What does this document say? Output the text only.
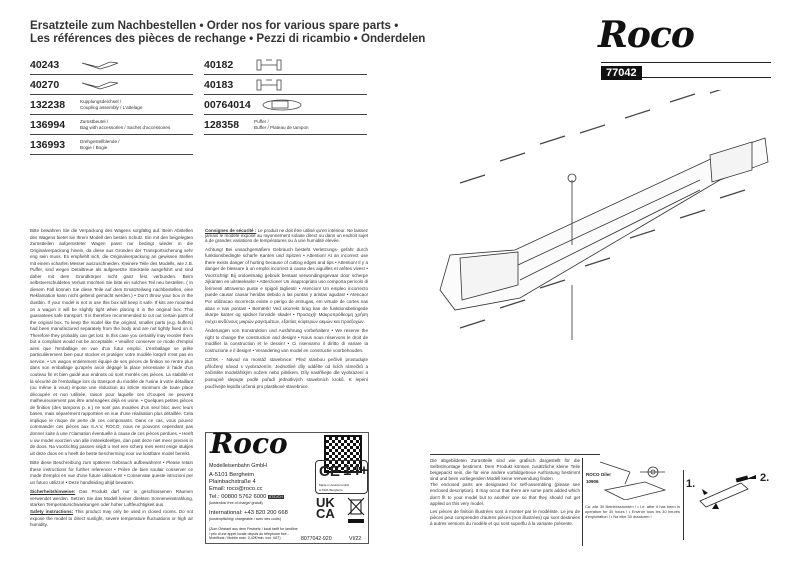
Ersatzteile zum Nachbestellen • Order nos for various spare parts •
Les références des pièces de rechange • Pezzi di ricambio • Onderdelen
40243

40270

132238	Kupplungsdeichsel /
Coupling assembly / L'attelage
136994	Zurüstbeutel /
Bag with accessories / Sachet d'accessoires
136993	Drehgestellblende /
Bogie / Bogie
40182

40183

00764014

128358	Puffer /
Buffer / Plateau de tampon
Roco
77042

Bitte bewahren Sie die Verpackung des Wagens sorgfältig auf. Beim Abstellen des Wagens bietet sie Ihrem Modell den besten Schutz. Ein mit den beigelegten Zurüstteilen aufgerüsteter Wagen passt nur bedingt wieder in die Originalverpackung hinein, da diese aus Gründen der Transportsicherung sehr eng sein muss. Es empfiehlt sich, die Originalverpackung an gewissen Stellen mit einem scharfen Messer auszuschneiden. Kleinere Teile des Modells, wie z.B. Puffer, sind wegen Detailtreue als aufgesetzte Steckteile ausgeführt und sind daher mit dem Grundkörper nicht ganz fest verbunden. Beim selbstverschuldeten Verlust möchten Sie bitte ein solches Teil neu bestellen. ( In diesem Fall können Sie diese Teile auf dem Ersatzteilweg nachbestellen, eine Reklamation kann nicht geltend gemacht werden.) • Don't throw your box in the dustbin. If your model is not in use this box will keep it safe. If kits are mounted on a wagon it will be slightly tight when placing it in the original box. This guarantees safe transport. It is therefore recommended to cut out certain parts of the original box. To keep the model like the original, smaller parts (e.g. buffers) had been manufactured separately from the body and are not tightly fixed on it. Therefore they probably can get lost. In this case you certainly may reorder them but a complaint would not be acceptable. • Veuillez conserver ce mode d'emploi ainsi que l'emballage en vue d'un futur emploi. L'emballage se prête particulièrement bien pour stocker et protéger votre modèle lorqu'il n'est pas en service. • Un wagon entièrement équipé de ses pièces de finition ne rentre plus dans son emballage qu'après avoir dégagé la place nécessaire à l'aide d'un couteau fin et bien guidé aux endroits où sont montés ces pièces. La stabilité et la sécurité de l'emballage lors du transport du modèle de l'usine à votre détaillant (ou même à vous) impose une réduction au stricte minimum de toute place découpée et non utilisée, raison pour laquelle ces d'coupes ne peuvent malheureusement pas être aménagées déjà en usine. • Quelques petites pièces de finition (des tampons p. e.) ne sont pas moulées d'un seul bloc avec leurs bases, mais séparément rapportées en vue d'une réalisation plus détaillée. Cela implique le risque de perte de ces composants. Dans ce cas, vous pouvez commander ces pièces aux S.A.V. ROCO; nous ne pouvons cependant pas donner suite à une r'clamation éventuelle à cause de ces pièces perdues. • Heeft u uw model voorzien van alle insteekdeeltjes, dan past deze niet meer precies in de doos. Na voorzichtig passen snijdt u met een scherp mes eerst enige stukjes uit deze doos en u heeft de beste bescherming voor uw kostbare model bereikt.

Bitte diese Beschreibung zum späteren Gebrauch aufbewahren! • Please retain these instructions for further reference! • Prière de bien soulair conserver ce mode d'emploi en vue d'une future utilisation! • Conservate queste istruzioni per un futuro utilizzo! • Deze handleiding altijd bewaren.

Sicherheitshinweise: Das Produkt darf nur in geschlossenen Räumen verwendet werden. Setzen Sie das Modell keiner direkten Sonneneinstrahlung, starken Temperaturschwankungen oder hoher Luftfeuchtigkeit aus.

Safety instructions: This product may only be used in closed rooms. Do not expose the model to direct sunlight, severe temperature fluctuations or high air humidity.

Consignes de sécurité : Le produit ne doit être utilisé qu'en intérieur. Ne laissez jamais le modèle exposé au rayonnement solaire direct ou dans un endroit sujet à de grandes variations de températures ou à une humidité élevée.

Achtung! Bei unsachgemäßem Gebrauch besteht Verletzungs- gefahr durch funktionsbedingte scharfe Kanten und Spitzen • Attention! At an incorrect use there exists danger of hurting because of cutting edges and tips • Attention! Il y a danger de blessure à un emploi incorrect à cause des aiguilles et arêtes vives! • Voorzichtig! Bij ondoelmatig gebruik bestaat verwondingsgevaar door scherpe zijkanten en uitsteeksels! • Attenzione! Un inappropriato uso comporta pericolo di ferimenti attraverso punte e spigoli taglienti! • Atencion! Un empleo incorrecto puede causar causar heridas debido a las puntas y aristas agudas! • Atencao! Por utilizacao incorrecta existe o perigo de entrugas, em virtude de cortes nas abas e nas pontas! • Bemærk! Ved ukorrekt brug kan de funktionsbetingede skarpe kanter og spidser forvolde skade! • Προσοχή! Μακροπρόθεσμη χρήση ενέχει κινδύνους μικρών ραγισμάτων, εξαιτίας κοφτερών ακμών και προεξοχών.

Änderungen von Konstruktion und Ausführung vorbehalten! • We reserve the right to change the construction and design! • Nous nous réservons le droit de modifier la construction et le dessin! • Ci riserviamo il diritto di variare la costruzione e il design! • Verandering van model en constructie voorbehouden.

CZ/SK - Návod na montáž stavebnice: Před stavbou pečlivě prostudujte přiložený návod s vyobrazením. Jednotlivé díly oddělte od licích rámečků a začistěte modelářským nožem nebo pilníkem. Díly nastříkejte dle vyobrazení a postupně slepujte podle pořadí jednotlivých stavebních kroků. K lepení používejte lepidla určená pro plastikové stavebnice.

Roco
Modelleisenbahn GmbH
A-5101 Bergheim
Plainbachstraße 4
Email: roco@roco.cc
Tel.: 00800 5762 6000 AT/D/CH
(kostenlos/ free of charge/ gratuit)
International: +43 820 200 668
(kostenpflichtig/ chargeable / avec des coûts)
(Zum Ortstarif aus dem Festnetz / local tariff for landline / prix d'une appel locale depuis du téléphone fixe - Mobilfunk / Mobile max. 0,42€/min. incl. VAT)	8077042-920	VI/22
CE 14+
Made in Austria GmbH
A-5101 Bergheim
UK
CA
Die abgebildeten Zurüstteile sind wie grafisch dargestellt für die Selbstmontage bestimmt. Dem Produkt können zusätzliche kleine Teile beigepackt sein, die für eine andere vorbildgetreue Aufrüstung bestimmt sind und beim vorliegenden Modell keine Verwendung finden.
The enclosed parts are designated for self-assembling (please see enclosed description). It may occur that there are some parts added which don't fit to your model but to another one so that they should not get applied on this very model.
Les pièces de finition illustrées sont à monter par le modéliste. Le jeu de pièces peut comprendre d'autres pièces (non illustrées) qui sont destinées à autres versions du modèle et qui sont superflu à la variante présente.
ROCO Oiler
10906
Ca. alle 30 Betriebsstunden ! • I.e. after it has been in operation for 30 hours ! • Environ tous les 30 heures d'exploitation ! • Na elke 30 draaiuren !
1.	2.
